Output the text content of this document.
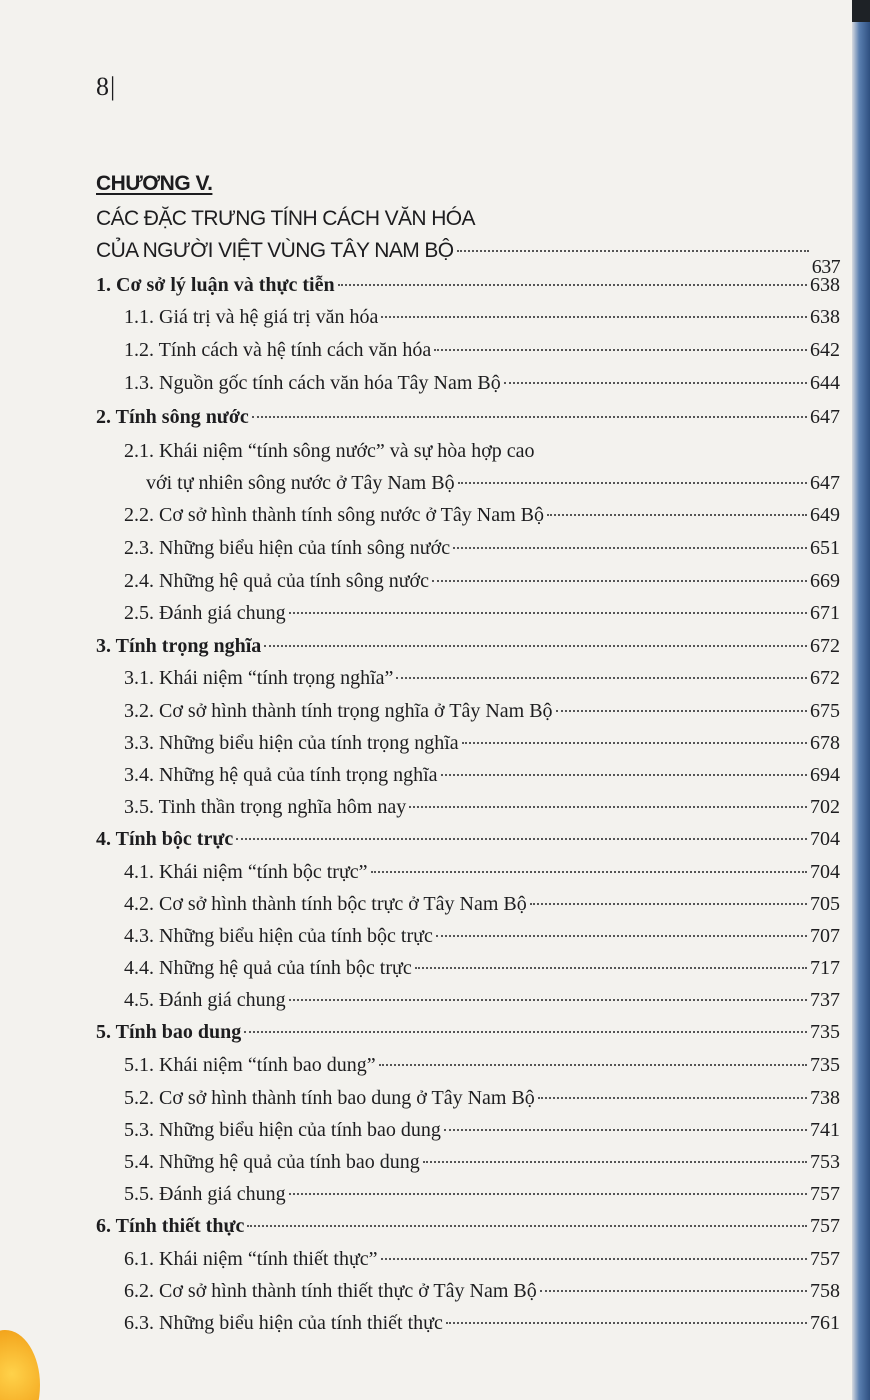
8|
CHƯƠNG V.
CÁC ĐẶC TRƯNG TÍNH CÁCH VĂN HÓA
CỦA NGƯỜI VIỆT VÙNG TÂY NAM BỘ
637
1. Cơ sở lý luận và thực tiễn	638
1.1. Giá trị và hệ giá trị văn hóa	638
1.2. Tính cách và hệ tính cách văn hóa	642
1.3. Nguồn gốc tính cách văn hóa Tây Nam Bộ	644
2. Tính sông nước	647
2.1. Khái niệm “tính sông nước” và sự hòa hợp cao
với tự nhiên sông nước ở Tây Nam Bộ	647
2.2. Cơ sở hình thành tính sông nước ở Tây Nam Bộ	649
2.3. Những biểu hiện của tính sông nước	651
2.4. Những hệ quả của tính sông nước	669
2.5. Đánh giá chung	671
3. Tính trọng nghĩa	672
3.1. Khái niệm “tính trọng nghĩa”	672
3.2. Cơ sở hình thành tính trọng nghĩa ở Tây Nam Bộ	675
3.3. Những biểu hiện của tính trọng nghĩa	678
3.4. Những hệ quả của tính trọng nghĩa	694
3.5. Tinh thần trọng nghĩa hôm nay	702
4. Tính bộc trực	704
4.1. Khái niệm “tính bộc trực”	704
4.2. Cơ sở hình thành tính bộc trực ở Tây Nam Bộ	705
4.3. Những biểu hiện của tính bộc trực	707
4.4. Những hệ quả của tính bộc trực	717
4.5. Đánh giá chung	737
5. Tính bao dung	735
5.1. Khái niệm “tính bao dung”	735
5.2. Cơ sở hình thành tính bao dung ở Tây Nam Bộ	738
5.3. Những biểu hiện của tính bao dung	741
5.4. Những hệ quả của tính bao dung	753
5.5. Đánh giá chung	757
6. Tính thiết thực	757
6.1. Khái niệm “tính thiết thực”	757
6.2. Cơ sở hình thành tính thiết thực ở Tây Nam Bộ	758
6.3. Những biểu hiện của tính thiết thực	761
